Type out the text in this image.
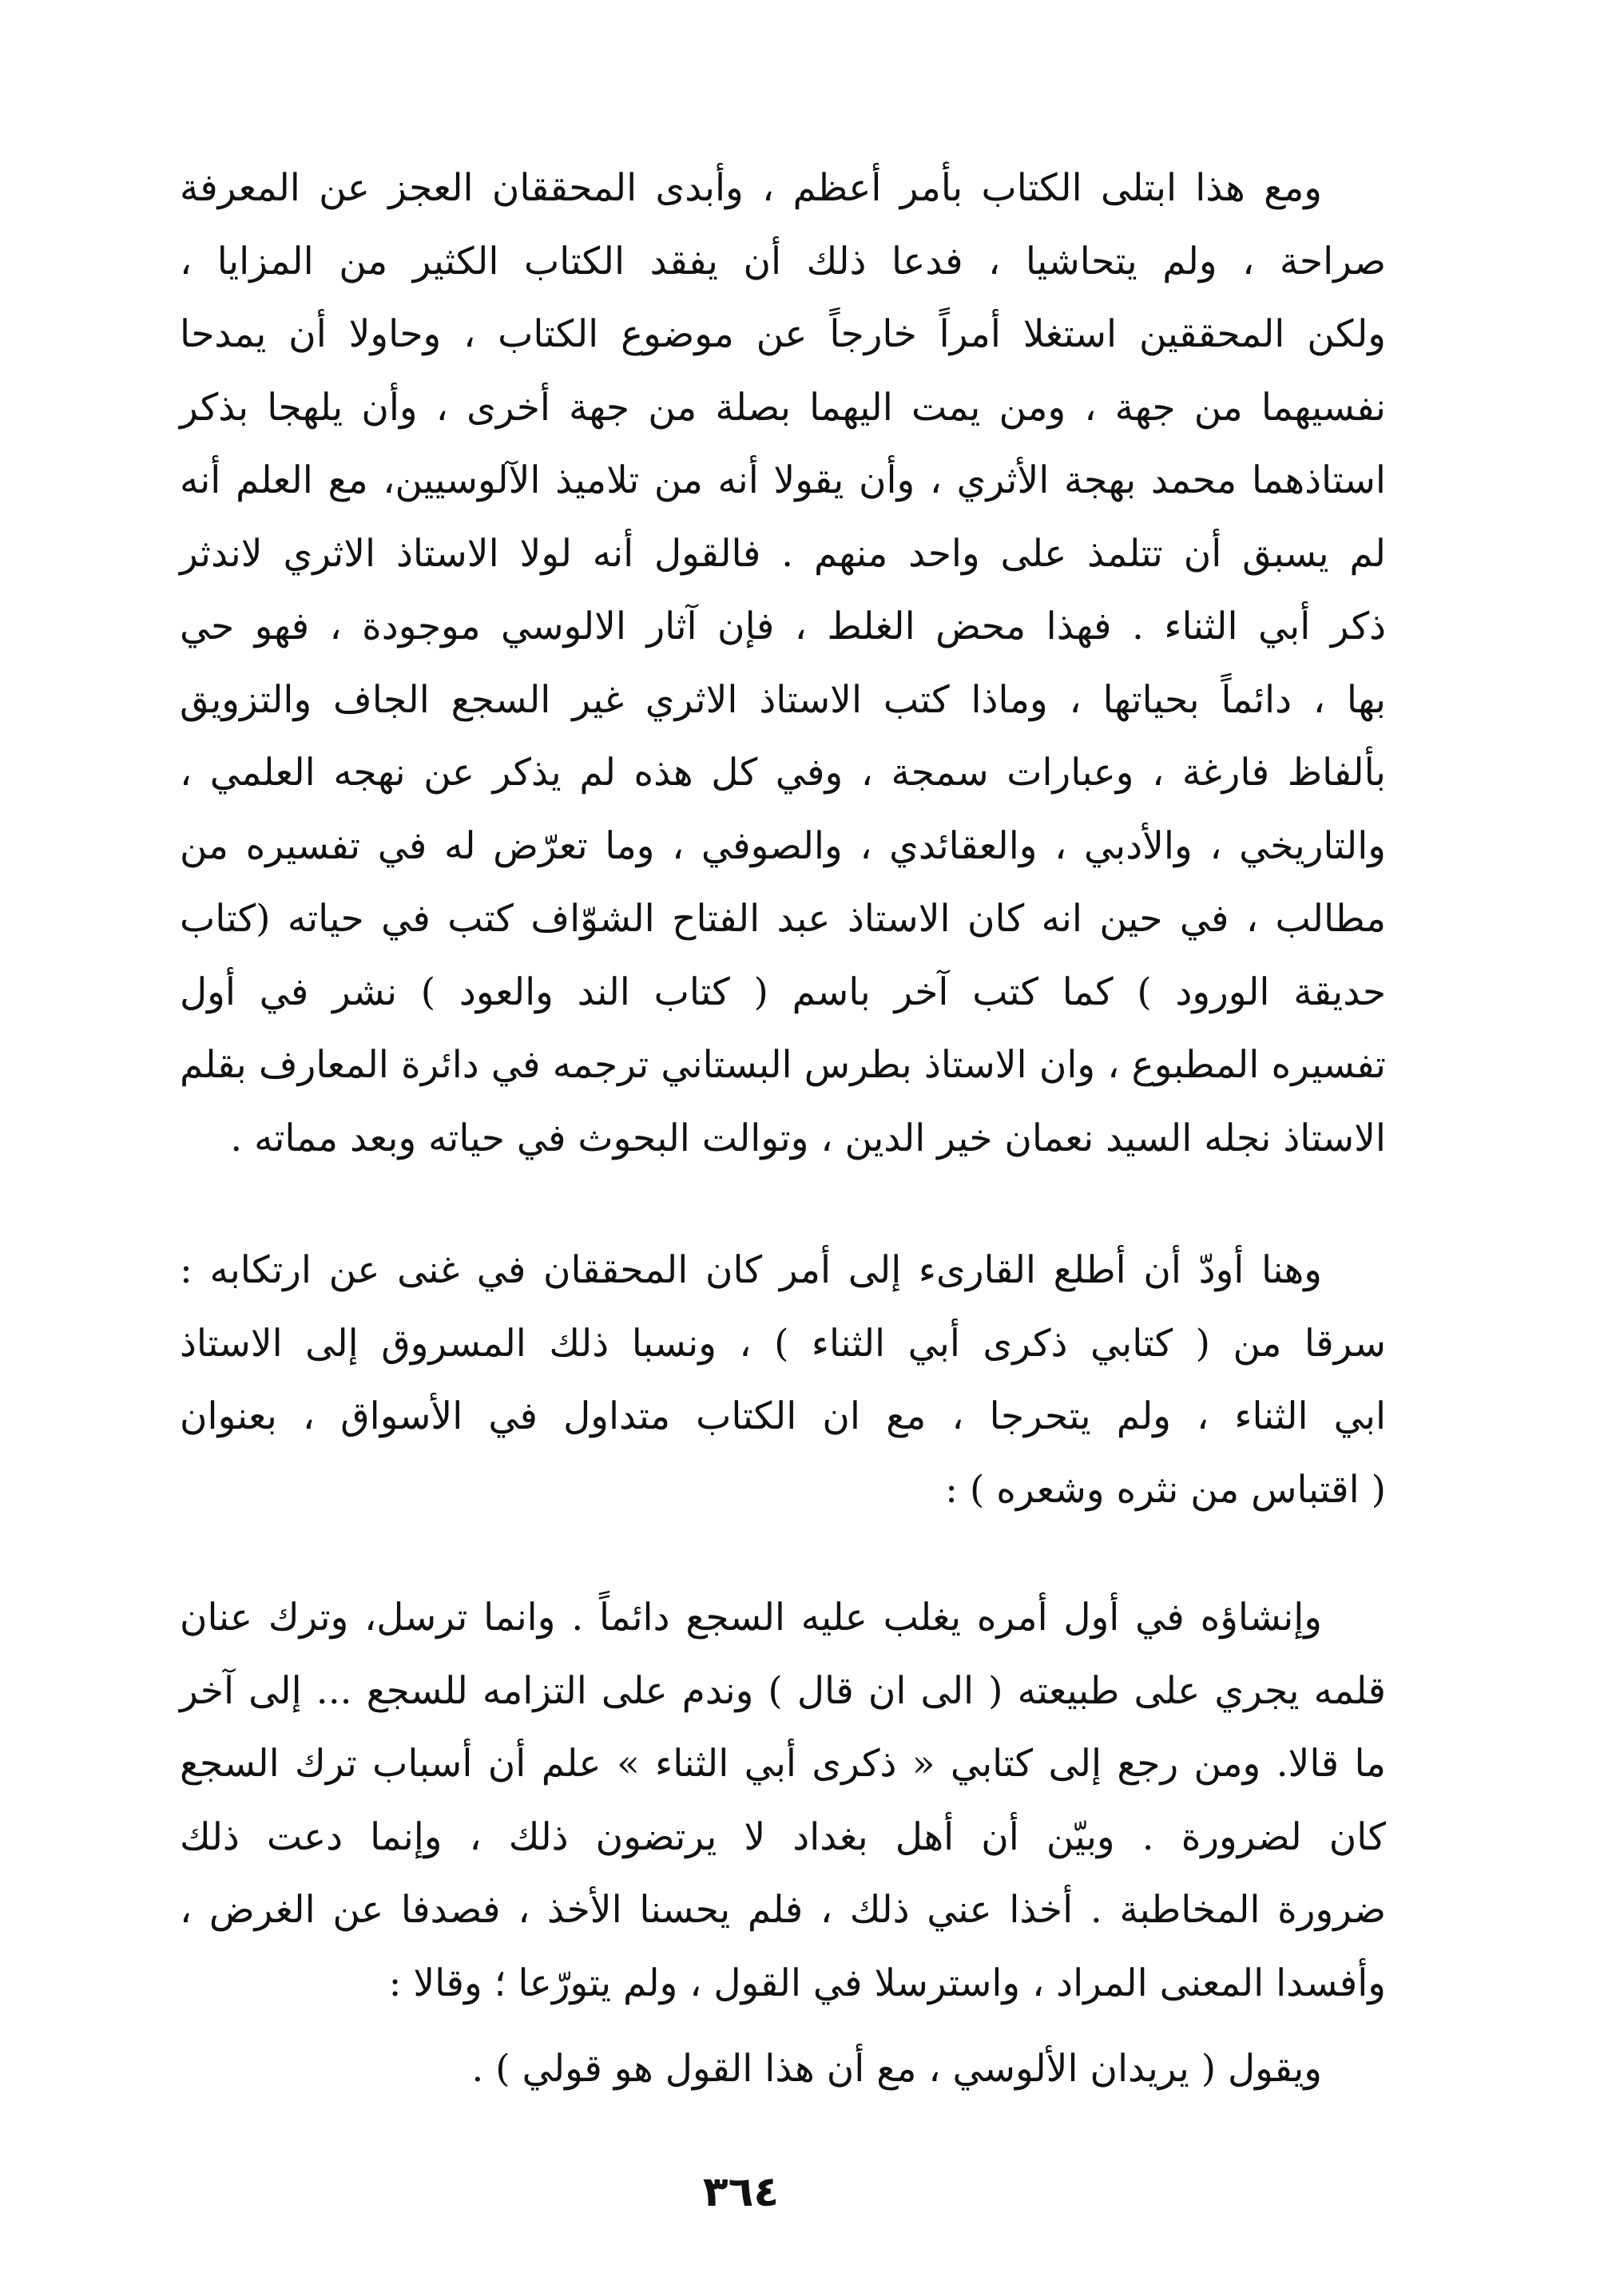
ومع هذا ابتلى الكتاب بأمر أعظم ، وأبدى المحققان العجز عن المعرفة
صراحة ، ولم يتحاشيا ، فدعا ذلك أن يفقد الكتاب الكثير من المزايا ،
ولكن المحققين استغلا أمراً خارجاً عن موضوع الكتاب ، وحاولا أن يمدحا
نفسيهما من جهة ، ومن يمت اليهما بصلة من جهة أخرى ، وأن يلهجا بذكر
استاذهما محمد بهجة الأثري ، وأن يقولا أنه من تلاميذ الآلوسيين، مع العلم أنه
لم يسبق أن تتلمذ على واحد منهم . فالقول أنه لولا الاستاذ الاثري لاندثر
ذكر أبي الثناء . فهذا محض الغلط ، فإن آثار الالوسي موجودة ، فهو حي
بها ، دائماً بحياتها ، وماذا كتب الاستاذ الاثري غير السجع الجاف والتزويق
بألفاظ فارغة ، وعبارات سمجة ، وفي كل هذه لم يذكر عن نهجه العلمي ،
والتاريخي ، والأدبي ، والعقائدي ، والصوفي ، وما تعرّض له في تفسيره من
مطالب ، في حين انه كان الاستاذ عبد الفتاح الشوّاف كتب في حياته (كتاب
حديقة الورود ) كما كتب آخر باسم ( كتاب الند والعود ) نشر في أول
تفسيره المطبوع ، وان الاستاذ بطرس البستاني ترجمه في دائرة المعارف بقلم
الاستاذ نجله السيد نعمان خير الدين ، وتوالت البحوث في حياته وبعد مماته .
وهنا أودّ أن أطلع القارىء إلى أمر كان المحققان في غنى عن ارتكابه :
سرقا من ( كتابي ذكرى أبي الثناء ) ، ونسبا ذلك المسروق إلى الاستاذ
ابي الثناء ، ولم يتحرجا ، مع ان الكتاب متداول في الأسواق ، بعنوان
( اقتباس من نثره وشعره ) :
وإنشاؤه في أول أمره يغلب عليه السجع دائماً . وانما ترسل، وترك عنان
قلمه يجري على طبيعته ( الى ان قال ) وندم على التزامه للسجع ... إلى آخر
ما قالا. ومن رجع إلى كتابي « ذكرى أبي الثناء » علم أن أسباب ترك السجع
كان لضرورة . وبيّن أن أهل بغداد لا يرتضون ذلك ، وإنما دعت ذلك
ضرورة المخاطبة . أخذا عني ذلك ، فلم يحسنا الأخذ ، فصدفا عن الغرض ،
وأفسدا المعنى المراد ، واسترسلا في القول ، ولم يتورّعا ؛ وقالا :
ويقول ( يريدان الألوسي ، مع أن هذا القول هو قولي ) .
٣٦٤
